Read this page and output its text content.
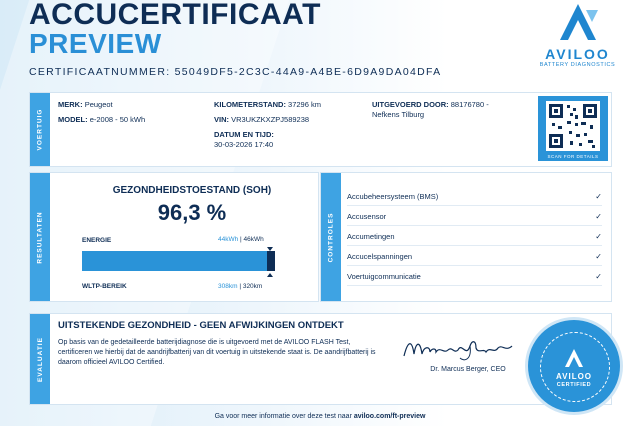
ACCUCERTIFICAAT
PREVIEW
CERTIFICAATNUMMER: 55049DF5-2C3C-44A9-A4BE-6D9A9DA04DFA
AVILOO
BATTERY DIAGNOSTICS
VOERTUIG
MERK: Peugeot
MODEL: e-2008 - 50 kWh
KILOMETERSTAND: 37296 km
VIN: VR3UKZKXZPJ589238
DATUM EN TIJD:
30-03-2026 17:40
UITGEVOERD DOOR: 88176780 -
Nefkens Tilburg
SCAN FOR DETAILS
RESULTATEN
GEZONDHEIDSTOESTAND (SOH)
96,3 %
ENERGIE	44kWh | 46kWh
WLTP-BEREIK	308km | 320km
CONTROLES
Accubeheersysteem (BMS)	✓
Accusensor	✓
Accumetingen	✓
Accucelspanningen	✓
Voertuigcommunicatie	✓
EVALUATIE
UITSTEKENDE GEZONDHEID - GEEN AFWIJKINGEN ONTDEKT
Op basis van de gedetailleerde batterijdiagnose die is uitgevoerd met de AVILOO FLASH Test, certificeren we hierbij dat de aandrijfbatterij van dit voertuig in uitstekende staat is. De aandrijfbatterij is daarom officieel AVILOO Certified.
Dr. Marcus Berger, CEO
AVILOO
CERTIFIED
Ga voor meer informatie over deze test naar aviloo.com/ft-preview
